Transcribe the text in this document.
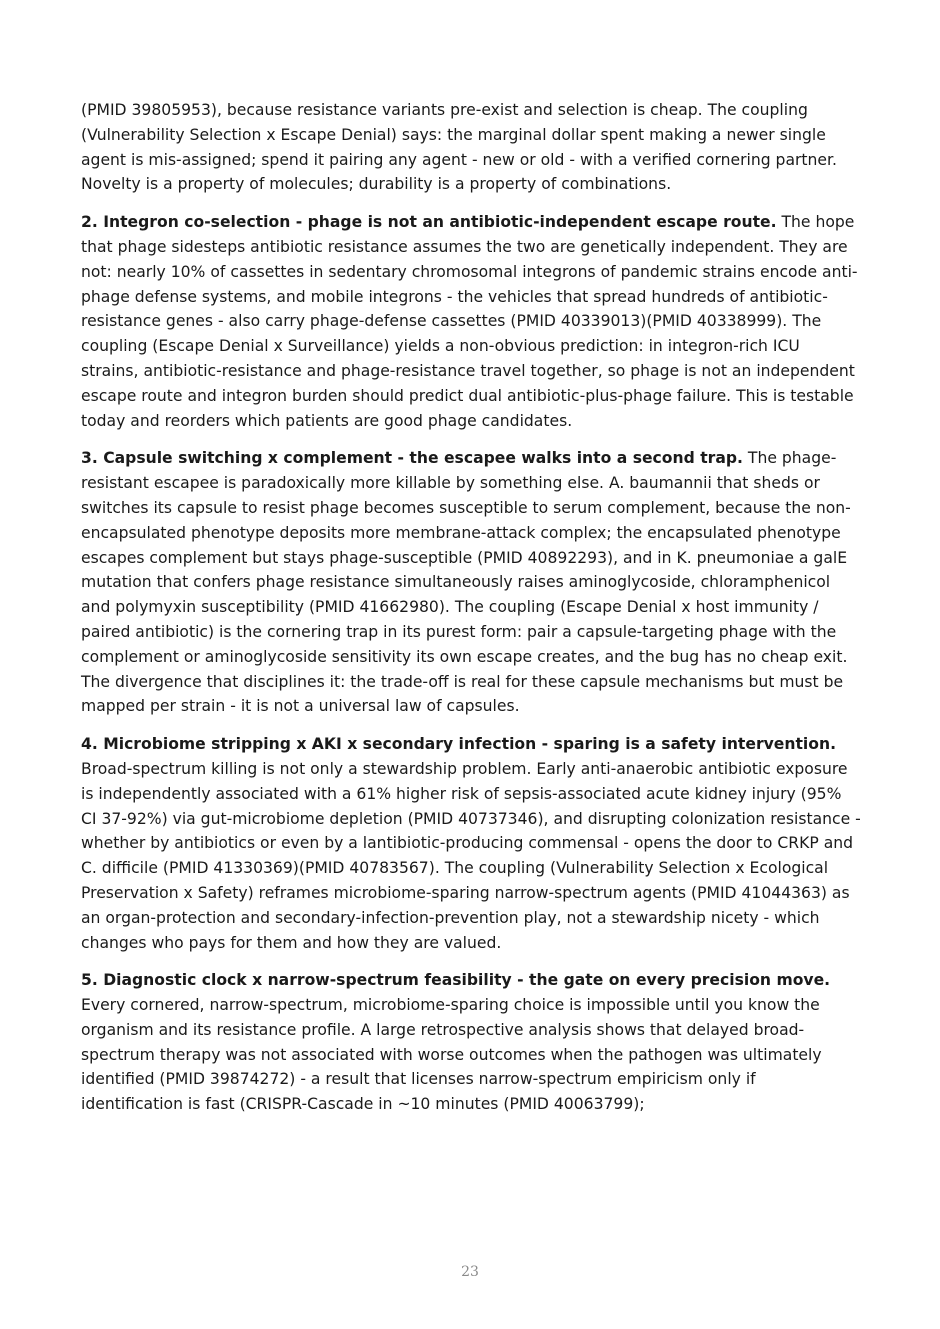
(PMID 39805953), because resistance variants pre-exist and selection is cheap. The coupling (Vulnerability Selection x Escape Denial) says: the marginal dollar spent making a newer single agent is mis-assigned; spend it pairing any agent - new or old - with a verified cornering partner. Novelty is a property of molecules; durability is a property of combinations.

2. Integron co-selection - phage is not an antibiotic-independent escape route. The hope that phage sidesteps antibiotic resistance assumes the two are genetically independent. They are not: nearly 10% of cassettes in sedentary chromosomal integrons of pandemic strains encode anti-phage defense systems, and mobile integrons - the vehicles that spread hundreds of antibiotic-resistance genes - also carry phage-defense cassettes (PMID 40339013)(PMID 40338999). The coupling (Escape Denial x Surveillance) yields a non-obvious prediction: in integron-rich ICU strains, antibiotic-resistance and phage-resistance travel together, so phage is not an independent escape route and integron burden should predict dual antibiotic-plus-phage failure. This is testable today and reorders which patients are good phage candidates.

3. Capsule switching x complement - the escapee walks into a second trap. The phage-resistant escapee is paradoxically more killable by something else. A. baumannii that sheds or switches its capsule to resist phage becomes susceptible to serum complement, because the non-encapsulated phenotype deposits more membrane-attack complex; the encapsulated phenotype escapes complement but stays phage-susceptible (PMID 40892293), and in K. pneumoniae a galE mutation that confers phage resistance simultaneously raises aminoglycoside, chloramphenicol and polymyxin susceptibility (PMID 41662980). The coupling (Escape Denial x host immunity / paired antibiotic) is the cornering trap in its purest form: pair a capsule-targeting phage with the complement or aminoglycoside sensitivity its own escape creates, and the bug has no cheap exit. The divergence that disciplines it: the trade-off is real for these capsule mechanisms but must be mapped per strain - it is not a universal law of capsules.

4. Microbiome stripping x AKI x secondary infection - sparing is a safety intervention. Broad-spectrum killing is not only a stewardship problem. Early anti-anaerobic antibiotic exposure is independently associated with a 61% higher risk of sepsis-associated acute kidney injury (95% CI 37-92%) via gut-microbiome depletion (PMID 40737346), and disrupting colonization resistance - whether by antibiotics or even by a lantibiotic-producing commensal - opens the door to CRKP and C. difficile (PMID 41330369)(PMID 40783567). The coupling (Vulnerability Selection x Ecological Preservation x Safety) reframes microbiome-sparing narrow-spectrum agents (PMID 41044363) as an organ-protection and secondary-infection-prevention play, not a stewardship nicety - which changes who pays for them and how they are valued.

5. Diagnostic clock x narrow-spectrum feasibility - the gate on every precision move. Every cornered, narrow-spectrum, microbiome-sparing choice is impossible until you know the organism and its resistance profile. A large retrospective analysis shows that delayed broad-spectrum therapy was not associated with worse outcomes when the pathogen was ultimately identified (PMID 39874272) - a result that licenses narrow-spectrum empiricism only if identification is fast (CRISPR-Cascade in ~10 minutes (PMID 40063799);

23
